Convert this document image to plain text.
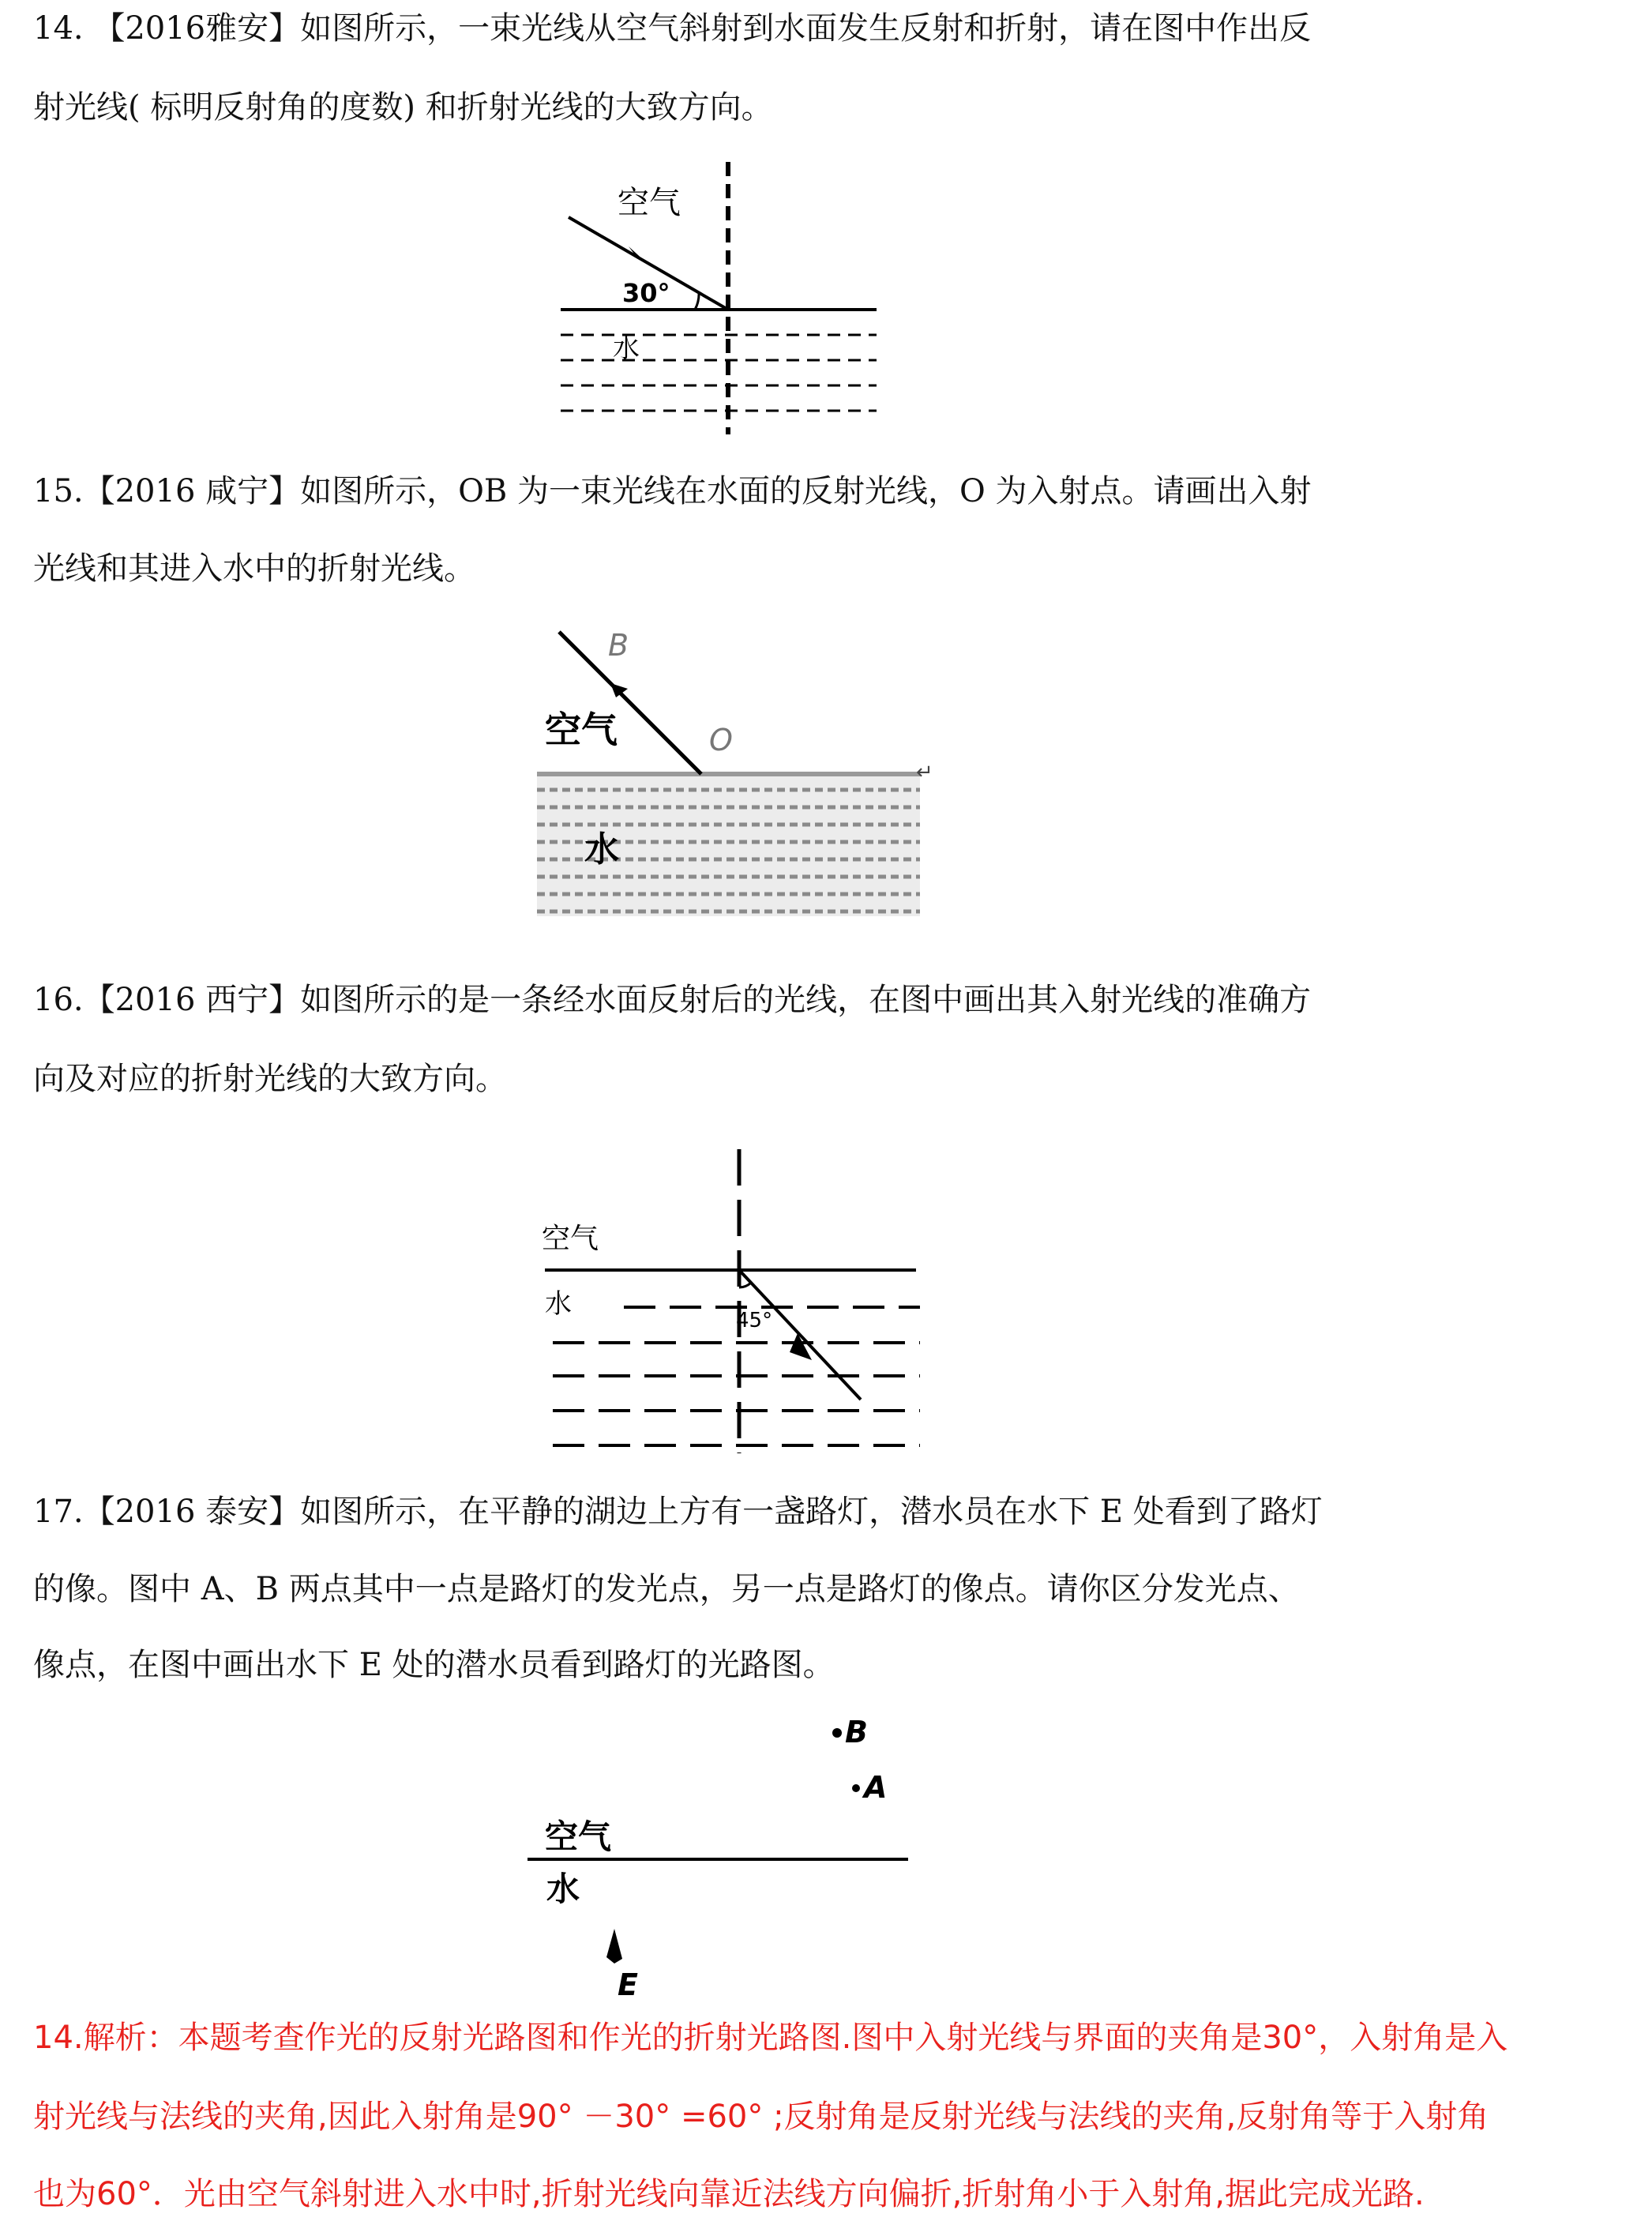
14. 【2016雅安】如图所示，一束光线从空气斜射到水面发生反射和折射，请在图中作出反
射光线( 标明反射角的度数) 和折射光线的大致方向。
空气
30°
水
15.【2016 咸宁】如图所示，OB 为一束光线在水面的反射光线，O 为入射点。请画出入射
光线和其进入水中的折射光线。
B
空气	O
水
↵
16.【2016 西宁】如图所示的是一条经水面反射后的光线，在图中画出其入射光线的准确方
向及对应的折射光线的大致方向。
空气
水
45°
17.【2016 泰安】如图所示，在平静的湖边上方有一盏路灯，潜水员在水下 E 处看到了路灯
的像。图中 A、B 两点其中一点是路灯的发光点，另一点是路灯的像点。请你区分发光点、
像点，在图中画出水下 E 处的潜水员看到路灯的光路图。
B
A
空气
水
E
14.解析：本题考查作光的反射光路图和作光的折射光路图.图中入射光线与界面的夹角是30°，入射角是入
射光线与法线的夹角,因此入射角是90° －30° =60° ;反射角是反射光线与法线的夹角,反射角等于入射角
也为60°．光由空气斜射进入水中时,折射光线向靠近法线方向偏折,折射角小于入射角,据此完成光路.
